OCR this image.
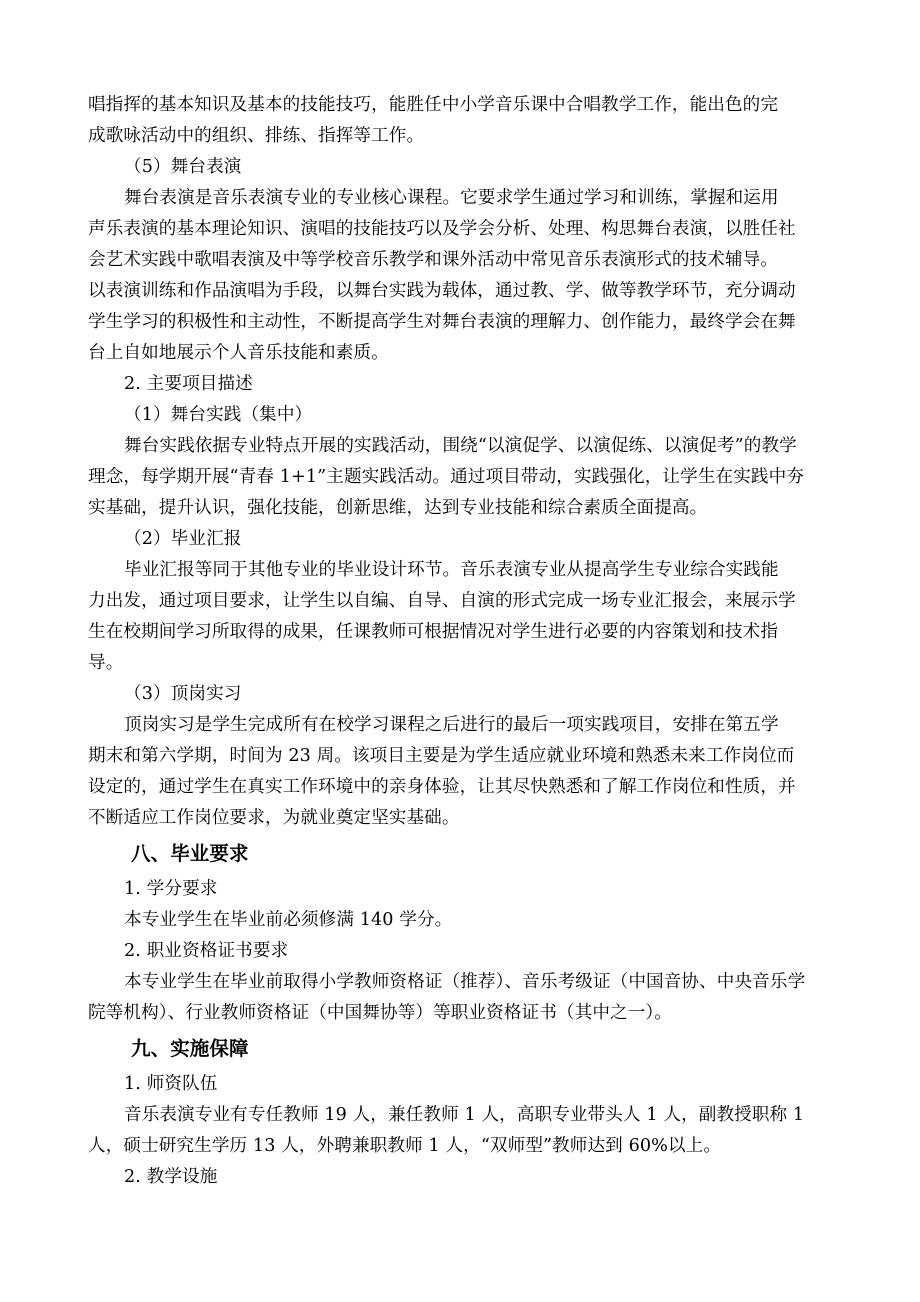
唱指挥的基本知识及基本的技能技巧，能胜任中小学音乐课中合唱教学工作，能出色的完
成歌咏活动中的组织、排练、指挥等工作。
（5）舞台表演
舞台表演是音乐表演专业的专业核心课程。它要求学生通过学习和训练，掌握和运用
声乐表演的基本理论知识、演唱的技能技巧以及学会分析、处理、构思舞台表演，以胜任社
会艺术实践中歌唱表演及中等学校音乐教学和课外活动中常见音乐表演形式的技术辅导。
以表演训练和作品演唱为手段，以舞台实践为载体，通过教、学、做等教学环节，充分调动
学生学习的积极性和主动性，不断提高学生对舞台表演的理解力、创作能力，最终学会在舞
台上自如地展示个人音乐技能和素质。
2. 主要项目描述
（1）舞台实践（集中）
舞台实践依据专业特点开展的实践活动，围绕“以演促学、以演促练、以演促考”的教学
理念，每学期开展“青春 1+1”主题实践活动。通过项目带动，实践强化，让学生在实践中夯
实基础，提升认识，强化技能，创新思维，达到专业技能和综合素质全面提高。
（2）毕业汇报
毕业汇报等同于其他专业的毕业设计环节。音乐表演专业从提高学生专业综合实践能
力出发，通过项目要求，让学生以自编、自导、自演的形式完成一场专业汇报会，来展示学
生在校期间学习所取得的成果，任课教师可根据情况对学生进行必要的内容策划和技术指
导。
（3）顶岗实习
顶岗实习是学生完成所有在校学习课程之后进行的最后一项实践项目，安排在第五学
期末和第六学期，时间为 23 周。该项目主要是为学生适应就业环境和熟悉未来工作岗位而
设定的，通过学生在真实工作环境中的亲身体验，让其尽快熟悉和了解工作岗位和性质，并
不断适应工作岗位要求，为就业奠定坚实基础。
八、毕业要求
1. 学分要求
本专业学生在毕业前必须修满 140 学分。
2. 职业资格证书要求
本专业学生在毕业前取得小学教师资格证（推荐）、音乐考级证（中国音协、中央音乐学
院等机构）、行业教师资格证（中国舞协等）等职业资格证书（其中之一）。
九、实施保障
1. 师资队伍
音乐表演专业有专任教师 19 人，兼任教师 1 人，高职专业带头人 1 人，副教授职称 1
人，硕士研究生学历 13 人，外聘兼职教师 1 人，“双师型”教师达到 60%以上。
2. 教学设施
